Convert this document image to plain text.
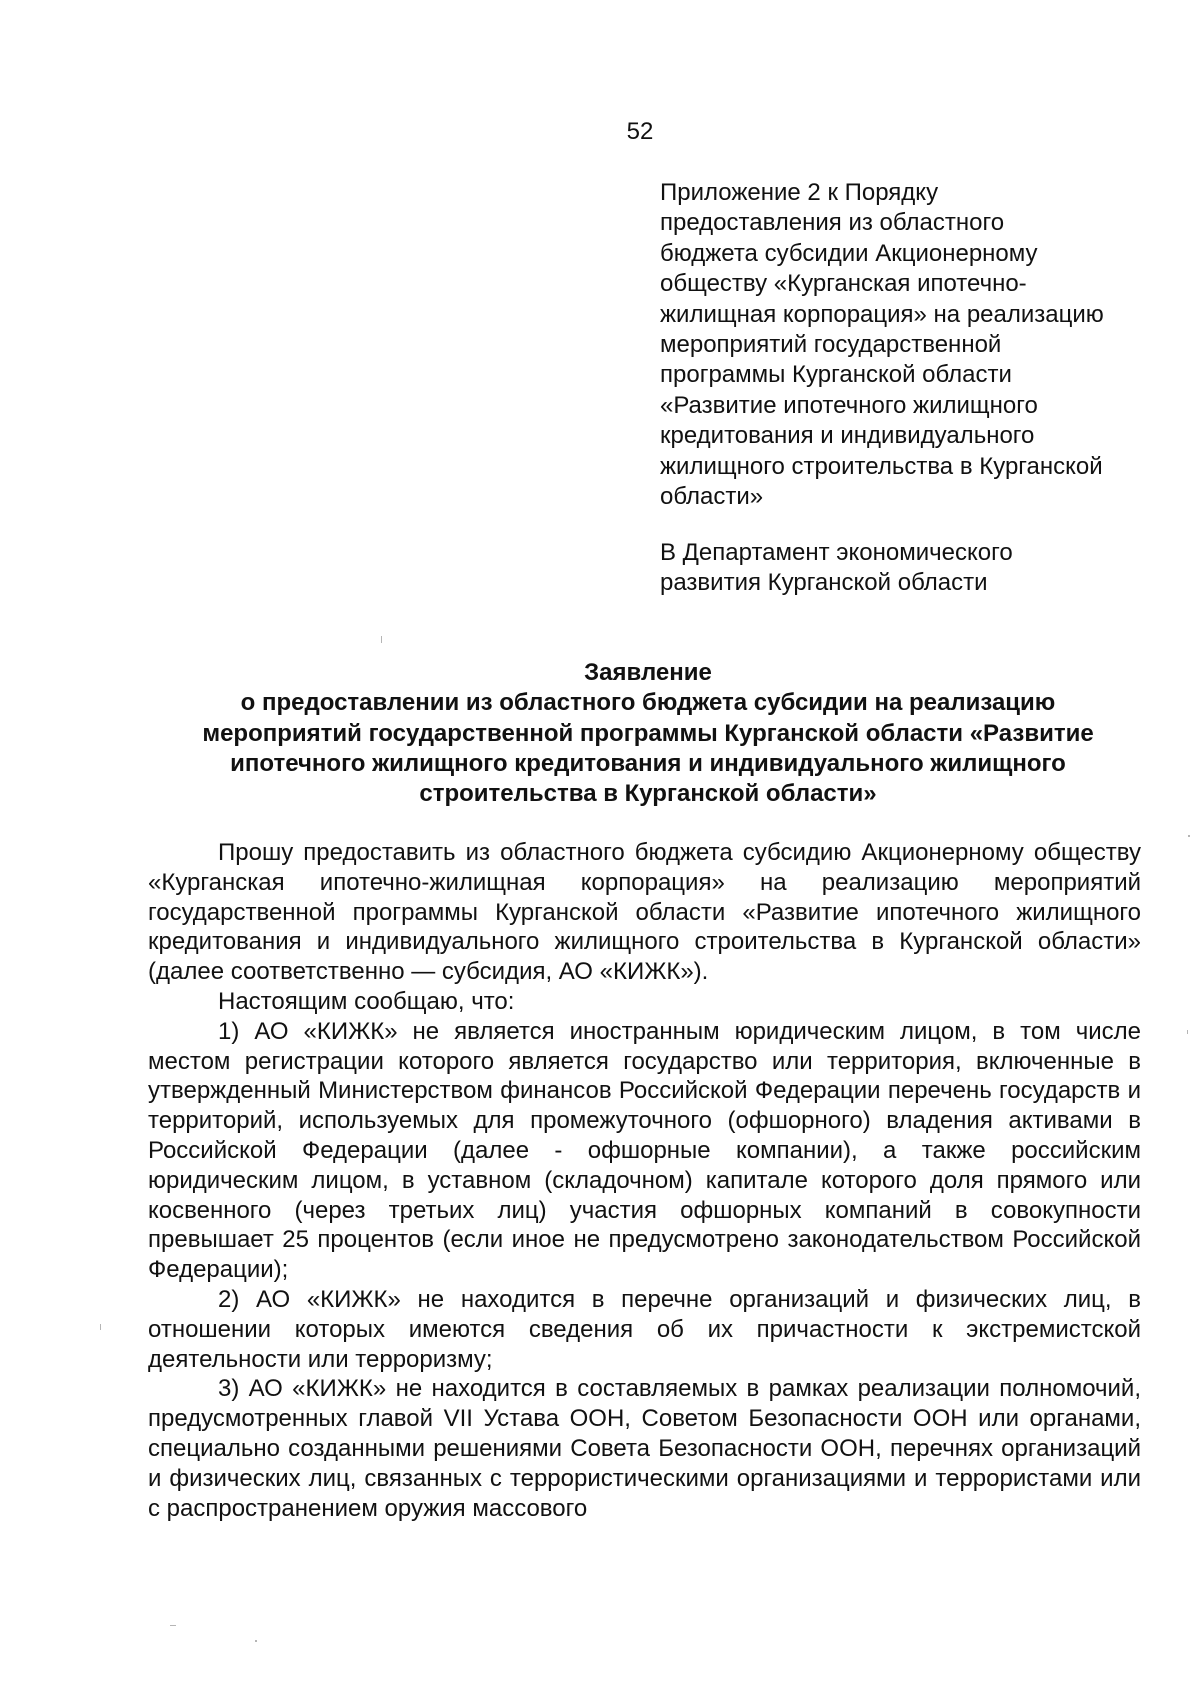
52
Приложение 2 к Порядку
предоставления из областного
бюджета субсидии Акционерному
обществу «Курганская ипотечно-
жилищная корпорация» на реализацию
мероприятий государственной
программы Курганской области
«Развитие ипотечного жилищного
кредитования и индивидуального
жилищного строительства в Курганской
области»
В Департамент экономического
развития Курганской области
Заявление
о предоставлении из областного бюджета субсидии на реализацию
мероприятий государственной программы Курганской области «Развитие
ипотечного жилищного кредитования и индивидуального жилищного
строительства в Курганской области»

Прошу предоставить из областного бюджета субсидию Акционерному обществу «Курганская ипотечно-жилищная корпорация» на реализацию мероприятий государственной программы Курганской области «Развитие ипотечного жилищного кредитования и индивидуального жилищного строительства в Курганской области» (далее соответственно — субсидия, АО «КИЖК»).

Настоящим сообщаю, что:

1) АО «КИЖК» не является иностранным юридическим лицом, в том числе местом регистрации которого является государство или территория, включенные в утвержденный Министерством финансов Российской Федерации перечень государств и территорий, используемых для промежуточного (офшорного) владения активами в Российской Федерации (далее - офшорные компании), а также российским юридическим лицом, в уставном (складочном) капитале которого доля прямого или косвенного (через третьих лиц) участия офшорных компаний в совокупности превышает 25 процентов (если иное не предусмотрено законодательством Российской Федерации);

2) АО «КИЖК» не находится в перечне организаций и физических лиц, в отношении которых имеются сведения об их причастности к экстремистской деятельности или терроризму;

3) АО «КИЖК» не находится в составляемых в рамках реализации полномочий, предусмотренных главой VII Устава ООН, Советом Безопасности ООН или органами, специально созданными решениями Совета Безопасности ООН, перечнях организаций и физических лиц, связанных с террористическими организациями и террористами или с распространением оружия массового
